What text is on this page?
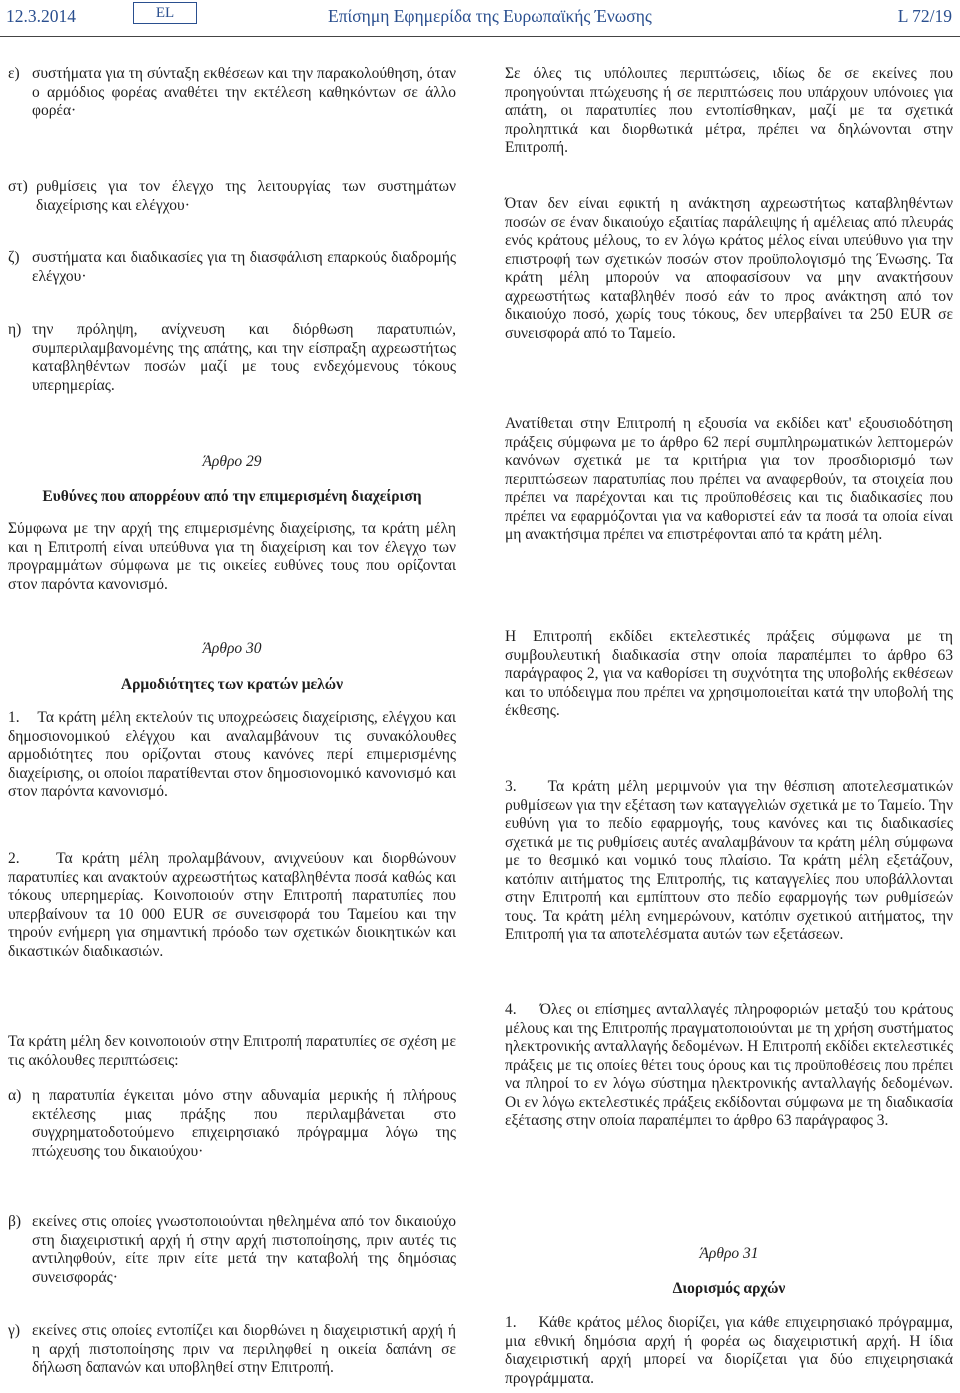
12.3.2014	EL	Επίσημη Εφημερίδα της Ευρωπαϊκής Ένωσης	L 72/19
ε) συστήματα για τη σύνταξη εκθέσεων και την παρακολούθηση, όταν ο αρμόδιος φορέας αναθέτει την εκτέλεση καθηκόντων σε άλλο φορέα·
στ) ρυθμίσεις για τον έλεγχο της λειτουργίας των συστημάτων διαχείρισης και ελέγχου·
ζ) συστήματα και διαδικασίες για τη διασφάλιση επαρκούς διαδρομής ελέγχου·
η) την πρόληψη, ανίχνευση και διόρθωση παρατυπιών, συμπεριλαμβανομένης της απάτης, και την είσπραξη αχρεωστήτως καταβληθέντων ποσών μαζί με τους ενδεχόμενους τόκους υπερημερίας.
Άρθρο 29
Ευθύνες που απορρέουν από την επιμερισμένη διαχείριση
Σύμφωνα με την αρχή της επιμερισμένης διαχείρισης, τα κράτη μέλη και η Επιτροπή είναι υπεύθυνα για τη διαχείριση και τον έλεγχο των προγραμμάτων σύμφωνα με τις οικείες ευθύνες τους που ορίζονται στον παρόντα κανονισμό.
Άρθρο 30
Αρμοδιότητες των κρατών μελών
1.    Τα κράτη μέλη εκτελούν τις υποχρεώσεις διαχείρισης, ελέγχου και δημοσιονομικού ελέγχου και αναλαμβάνουν τις συνακόλουθες αρμοδιότητες που ορίζονται στους κανόνες περί επιμερισμένης διαχείρισης, οι οποίοι παρατίθενται στον δημοσιονομικό κανονισμό και στον παρόντα κανονισμό.
2.    Τα κράτη μέλη προλαμβάνουν, ανιχνεύουν και διορθώνουν παρατυπίες και ανακτούν αχρεωστήτως καταβληθέντα ποσά καθώς και τόκους υπερημερίας. Κοινοποιούν στην Επιτροπή παρατυπίες που υπερβαίνουν τα 10 000 EUR σε συνεισφορά του Ταμείου και την τηρούν ενήμερη για σημαντική πρόοδο των σχετικών διοικητικών και δικαστικών διαδικασιών.
Τα κράτη μέλη δεν κοινοποιούν στην Επιτροπή παρατυπίες σε σχέση με τις ακόλουθες περιπτώσεις:
α) η παρατυπία έγκειται μόνο στην αδυναμία μερικής ή πλήρους εκτέλεσης μιας πράξης που περιλαμβάνεται στο συγχρηματοδοτούμενο επιχειρησιακό πρόγραμμα λόγω της πτώχευσης του δικαιούχου·
β) εκείνες στις οποίες γνωστοποιούνται ηθελημένα από τον δικαιούχο στη διαχειριστική αρχή ή στην αρχή πιστοποίησης, πριν αυτές τις αντιληφθούν, είτε πριν είτε μετά την καταβολή της δημόσιας συνεισφοράς·
γ) εκείνες στις οποίες εντοπίζει και διορθώνει η διαχειριστική αρχή ή η αρχή πιστοποίησης πριν να περιληφθεί η οικεία δαπάνη σε δήλωση δαπανών και υποβληθεί στην Επιτροπή.
Σε όλες τις υπόλοιπες περιπτώσεις, ιδίως δε σε εκείνες που προηγούνται πτώχευσης ή σε περιπτώσεις που υπάρχουν υπόνοιες για απάτη, οι παρατυπίες που εντοπίσθηκαν, μαζί με τα σχετικά προληπτικά και διορθωτικά μέτρα, πρέπει να δηλώνονται στην Επιτροπή.
Όταν δεν είναι εφικτή η ανάκτηση αχρεωστήτως καταβληθέντων ποσών σε έναν δικαιούχο εξαιτίας παράλειψης ή αμέλειας από πλευράς ενός κράτους μέλους, το εν λόγω κράτος μέλος είναι υπεύθυνο για την επιστροφή των σχετικών ποσών στον προϋπολογισμό της Ένωσης. Τα κράτη μέλη μπορούν να αποφασίσουν να μην ανακτήσουν αχρεωστήτως καταβληθέν ποσό εάν το προς ανάκτηση από τον δικαιούχο ποσό, χωρίς τους τόκους, δεν υπερβαίνει τα 250 EUR σε συνεισφορά από το Ταμείο.
Ανατίθεται στην Επιτροπή η εξουσία να εκδίδει κατ' εξουσιοδότηση πράξεις σύμφωνα με το άρθρο 62 περί συμπληρωματικών λεπτομερών κανόνων σχετικά με τα κριτήρια για τον προσδιορισμό των περιπτώσεων παρατυπίας που πρέπει να αναφερθούν, τα στοιχεία που πρέπει να παρέχονται και τις προϋποθέσεις και τις διαδικασίες που πρέπει να εφαρμόζονται για να καθοριστεί εάν τα ποσά τα οποία είναι μη ανακτήσιμα πρέπει να επιστρέφονται από τα κράτη μέλη.
Η Επιτροπή εκδίδει εκτελεστικές πράξεις σύμφωνα με τη συμβουλευτική διαδικασία στην οποία παραπέμπει το άρθρο 63 παράγραφος 2, για να καθορίσει τη συχνότητα της υποβολής εκθέσεων και το υπόδειγμα που πρέπει να χρησιμοποιείται κατά την υποβολή της έκθεσης.
3.    Τα κράτη μέλη μεριμνούν για την θέσπιση αποτελεσματικών ρυθμίσεων για την εξέταση των καταγγελιών σχετικά με το Ταμείο. Την ευθύνη για το πεδίο εφαρμογής, τους κανόνες και τις διαδικασίες σχετικά με τις ρυθμίσεις αυτές αναλαμβάνουν τα κράτη μέλη σύμφωνα με το θεσμικό και νομικό τους πλαίσιο. Τα κράτη μέλη εξετάζουν, κατόπιν αιτήματος της Επιτροπής, τις καταγγελίες που υποβάλλονται στην Επιτροπή και εμπίπτουν στο πεδίο εφαρμογής των ρυθμίσεών τους. Τα κράτη μέλη ενημερώνουν, κατόπιν σχετικού αιτήματος, την Επιτροπή για τα αποτελέσματα αυτών των εξετάσεων.
4.    Όλες οι επίσημες ανταλλαγές πληροφοριών μεταξύ του κράτους μέλους και της Επιτροπής πραγματοποιούνται με τη χρήση συστήματος ηλεκτρονικής ανταλλαγής δεδομένων. Η Επιτροπή εκδίδει εκτελεστικές πράξεις με τις οποίες θέτει τους όρους και τις προϋποθέσεις που πρέπει να πληροί το εν λόγω σύστημα ηλεκτρονικής ανταλλαγής δεδομένων. Οι εν λόγω εκτελεστικές πράξεις εκδίδονται σύμφωνα με τη διαδικασία εξέτασης στην οποία παραπέμπει το άρθρο 63 παράγραφος 3.
Άρθρο 31
Διορισμός αρχών
1.    Κάθε κράτος μέλος διορίζει, για κάθε επιχειρησιακό πρόγραμμα, μια εθνική δημόσια αρχή ή φορέα ως διαχειριστική αρχή. Η ίδια διαχειριστική αρχή μπορεί να διορίζεται για δύο επιχειρησιακά προγράμματα.
